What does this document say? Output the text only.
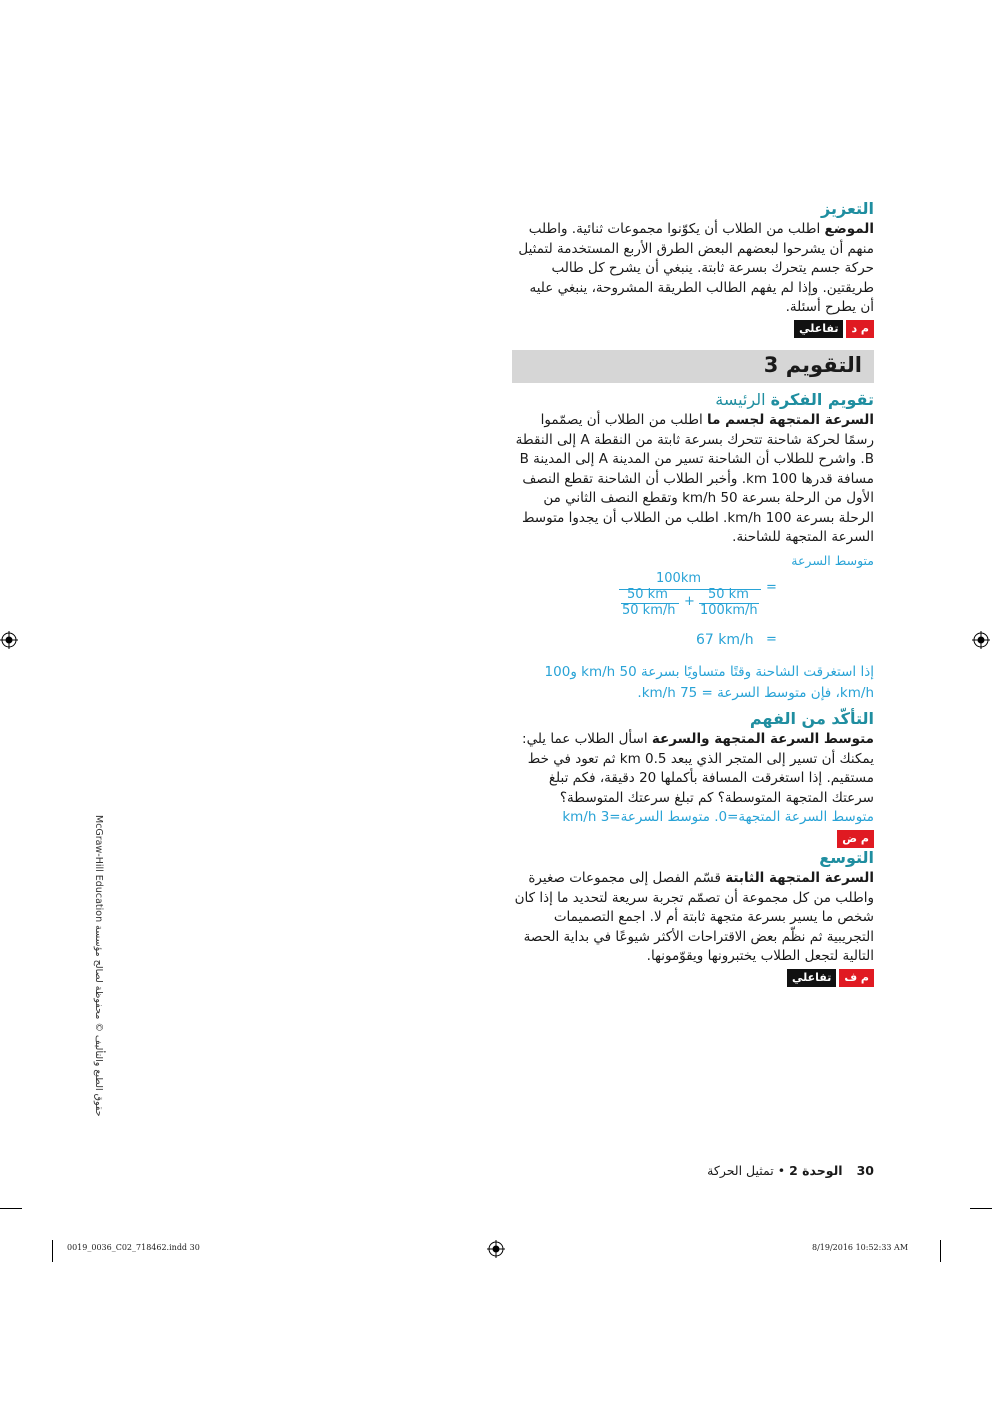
التعزيز

الموضع اطلب من الطلاب أن يكوّنوا مجموعات ثنائية. واطلب منهم أن يشرحوا لبعضهم البعض الطرق الأربع المستخدمة لتمثيل حركة جسم يتحرك بسرعة ثابتة. ينبغي أن يشرح كل طالب طريقتين. وإذا لم يفهم الطالب الطريقة المشروحة، ينبغي عليه أن يطرح أسئلة.

م د
تفاعلي
التقويم 3
تقويم الفكرة الرئيسة

السرعة المتجهة لجسم ما اطلب من الطلاب أن يصمّموا رسمًا لحركة شاحنة تتحرك بسرعة ثابتة من النقطة A إلى النقطة B. واشرح للطلاب أن الشاحنة تسير من المدينة A إلى المدينة B مسافة قدرها 100 km. وأخبر الطلاب أن الشاحنة تقطع النصف الأول من الرحلة بسرعة 50 km/h وتقطع النصف الثاني من الرحلة بسرعة 100 km/h. اطلب من الطلاب أن يجدوا متوسط السرعة المتجهة للشاحنة.

متوسط السرعة
=
100km
50 km
50 km/h
+ 50 km
100km/h
67 km/h =

إذا استغرقت الشاحنة وقتًا متساويًا بسرعة 50 km/h و100 km/h، فإن متوسط السرعة = 75 km/h.

التأكّد من الفهم

متوسط السرعة المتجهة والسرعة اسأل الطلاب عما يلي: يمكنك أن تسير إلى المتجر الذي يبعد 0.5 km ثم تعود في خط مستقيم. إذا استغرقت المسافة بأكملها 20 دقيقة، فكم تبلغ سرعتك المتجهة المتوسطة؟ كم تبلغ سرعتك المتوسطة؟

متوسط السرعة المتجهة=0. متوسط السرعة=3 km/h

م ض
التوسع

السرعة المتجهة الثابتة قسّم الفصل إلى مجموعات صغيرة واطلب من كل مجموعة أن تصمّم تجربة سريعة لتحديد ما إذا كان شخص ما يسير بسرعة متجهة ثابتة أم لا. اجمع التصميمات التجريبية ثم نظّم بعض الاقتراحات الأكثر شيوعًا في بداية الحصة التالية لتجعل الطلاب يختبرونها ويقوّمونها.

م ف
تفاعلي
حقوق الطبع والتأليف © محفوظة لصالح مؤسسة McGraw-Hill Education
30
الوحدة 2 • تمثيل الحركة
0019_0036_C02_718462.indd 30	8/19/2016 10:52:33 AM
